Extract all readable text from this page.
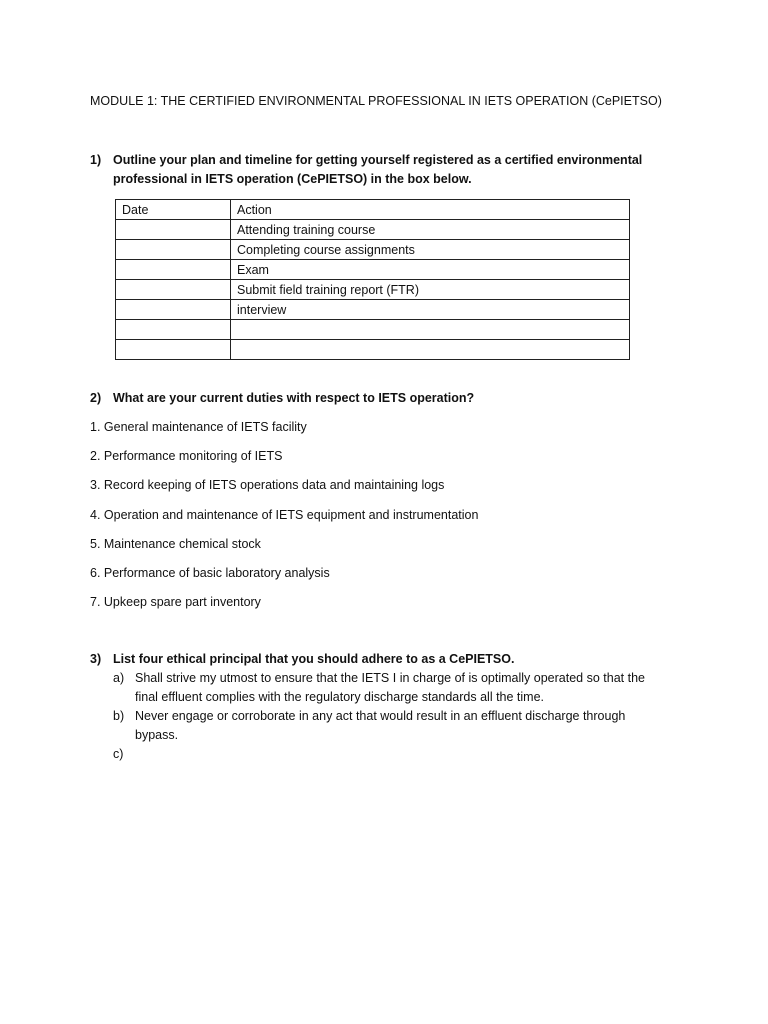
MODULE 1: THE CERTIFIED ENVIRONMENTAL PROFESSIONAL IN IETS OPERATION (CePIETSO)
1) Outline your plan and timeline for getting yourself registered as a certified environmental professional in IETS operation (CePIETSO) in the box below.
Date	Action
	Attending training course
	Completing course assignments
	Exam
	Submit field training report (FTR)
	interview

2) What are your current duties with respect to IETS operation?
1. General maintenance of IETS facility
2. Performance monitoring of IETS
3. Record keeping of IETS operations data and maintaining logs
4. Operation and maintenance of IETS equipment and instrumentation
5. Maintenance chemical stock
6. Performance of basic laboratory analysis
7. Upkeep spare part inventory
3) List four ethical principal that you should adhere to as a CePIETSO.
a) Shall strive my utmost to ensure that the IETS I in charge of is optimally operated so that the final effluent complies with the regulatory discharge standards all the time.
b) Never engage or corroborate in any act that would result in an effluent discharge through bypass.
c)
